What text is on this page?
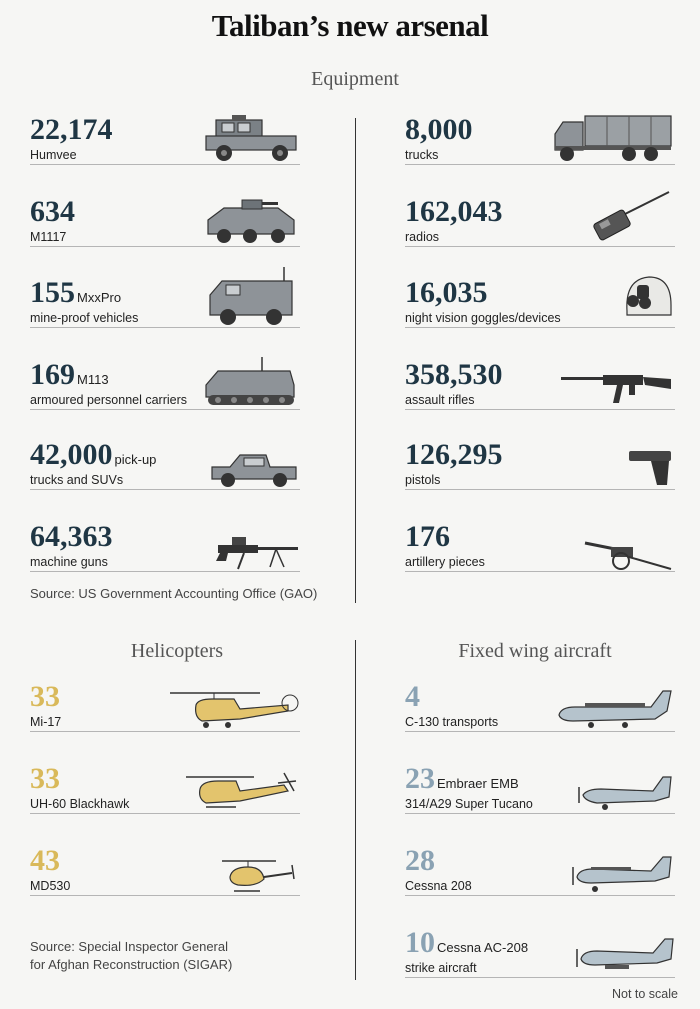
Taliban’s new arsenal
Equipment
22,174
Humvee
634
M1117
155 MxxPro
mine-proof vehicles
169 M113
armoured personnel carriers
42,000 pick-up
trucks and SUVs
64,363
machine guns
8,000
trucks
162,043
radios
16,035
night vision goggles/devices
358,530
assault rifles
126,295
pistols
176
artillery pieces
Source: US Government Accounting Office (GAO)
Helicopters	Fixed wing aircraft
33
Mi-17
33
UH-60 Blackhawk
43
MD530
Source: Special Inspector General
for Afghan Reconstruction (SIGAR)
4
C-130 transports
23 Embraer EMB
314/A29 Super Tucano
28
Cessna 208
10 Cessna AC-208
strike aircraft
Not to scale
